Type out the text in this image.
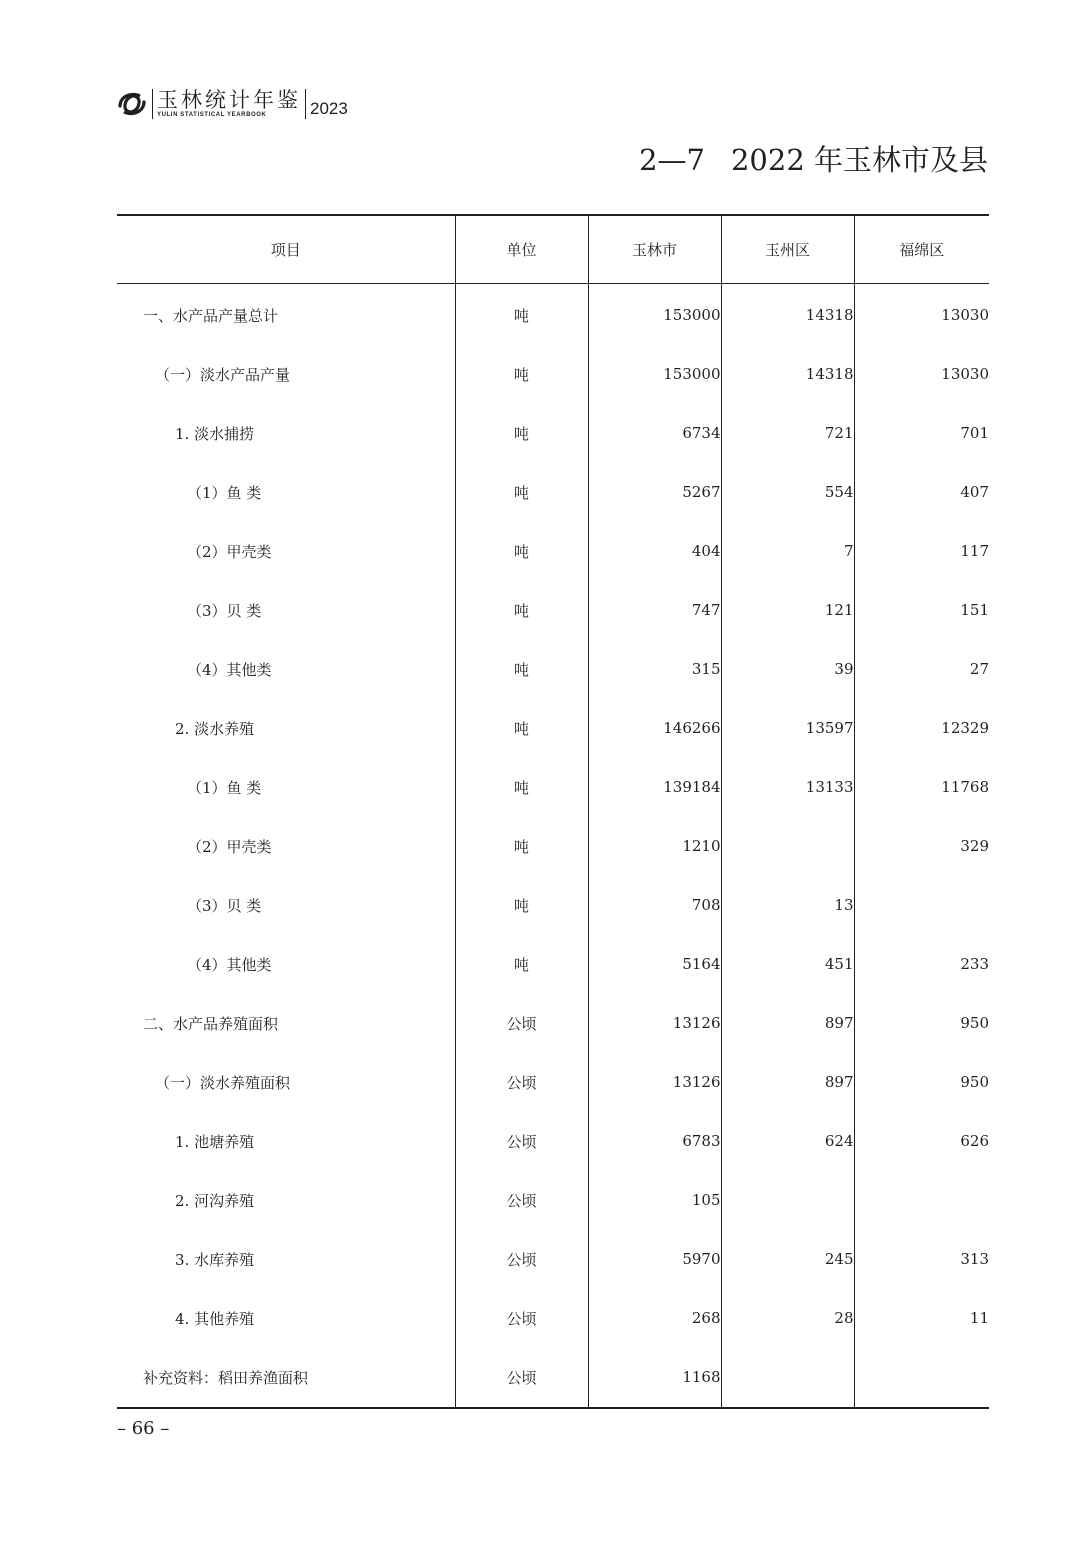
玉林统计年鉴
YULIN STATISTICAL YEARBOOK	2023
2—7 2022 年玉林市及县
项目	单位	玉林市	玉州区	福绵区
一、水产品产量总计	吨	153000	14318	13030
（一）淡水产品产量	吨	153000	14318	13030
1. 淡水捕捞	吨	6734	721	701
（1）鱼 类	吨	5267	554	407
（2）甲壳类	吨	404	7	117
（3）贝 类	吨	747	121	151
（4）其他类	吨	315	39	27
2. 淡水养殖	吨	146266	13597	12329
（1）鱼 类	吨	139184	13133	11768
（2）甲壳类	吨	1210		329
（3）贝 类	吨	708	13	
（4）其他类	吨	5164	451	233
二、水产品养殖面积	公顷	13126	897	950
（一）淡水养殖面积	公顷	13126	897	950
1. 池塘养殖	公顷	6783	624	626
2. 河沟养殖	公顷	105		
3. 水库养殖	公顷	5970	245	313
4. 其他养殖	公顷	268	28	11
补充资料：稻田养渔面积	公顷	1168		
– 66 –
